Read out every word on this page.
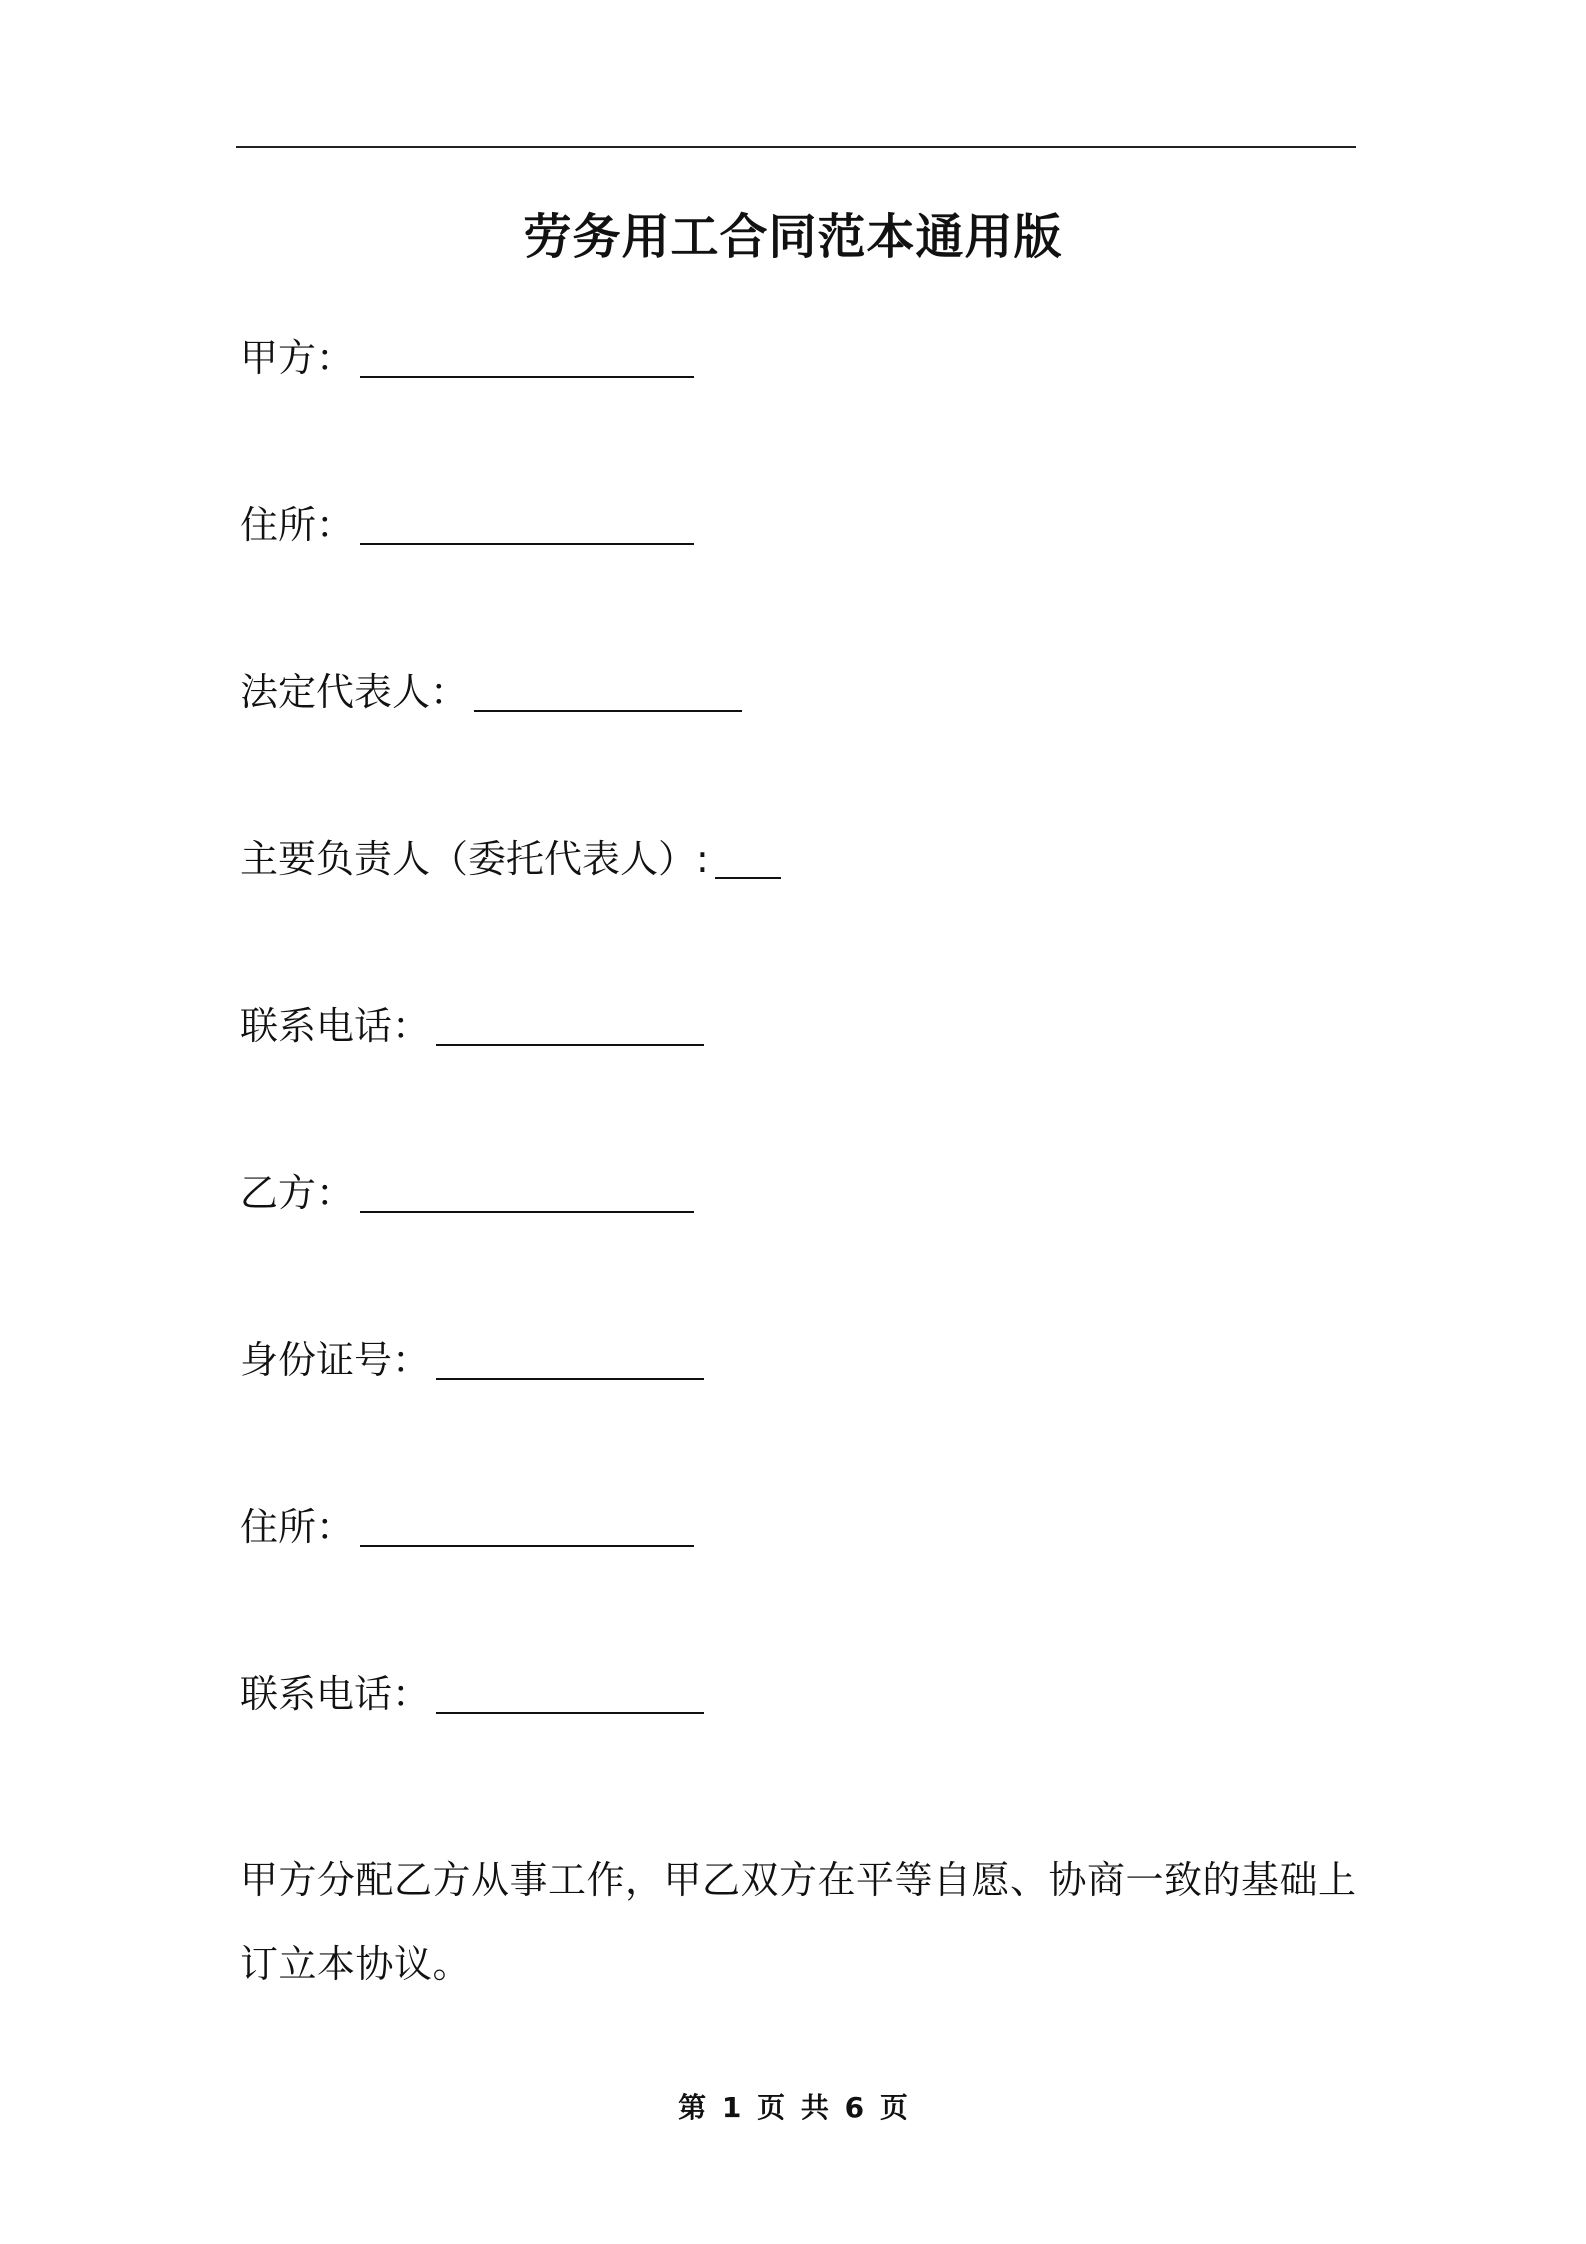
劳务用工合同范本通用版
甲方：
住所：
法定代表人：
主要负责人（委托代表人）:
联系电话：
乙方：
身份证号：
住所：
联系电话：

甲方分配乙方从事工作，甲乙双方在平等自愿、协商一致的基础上订立本协议。

第 1 页 共 6 页
